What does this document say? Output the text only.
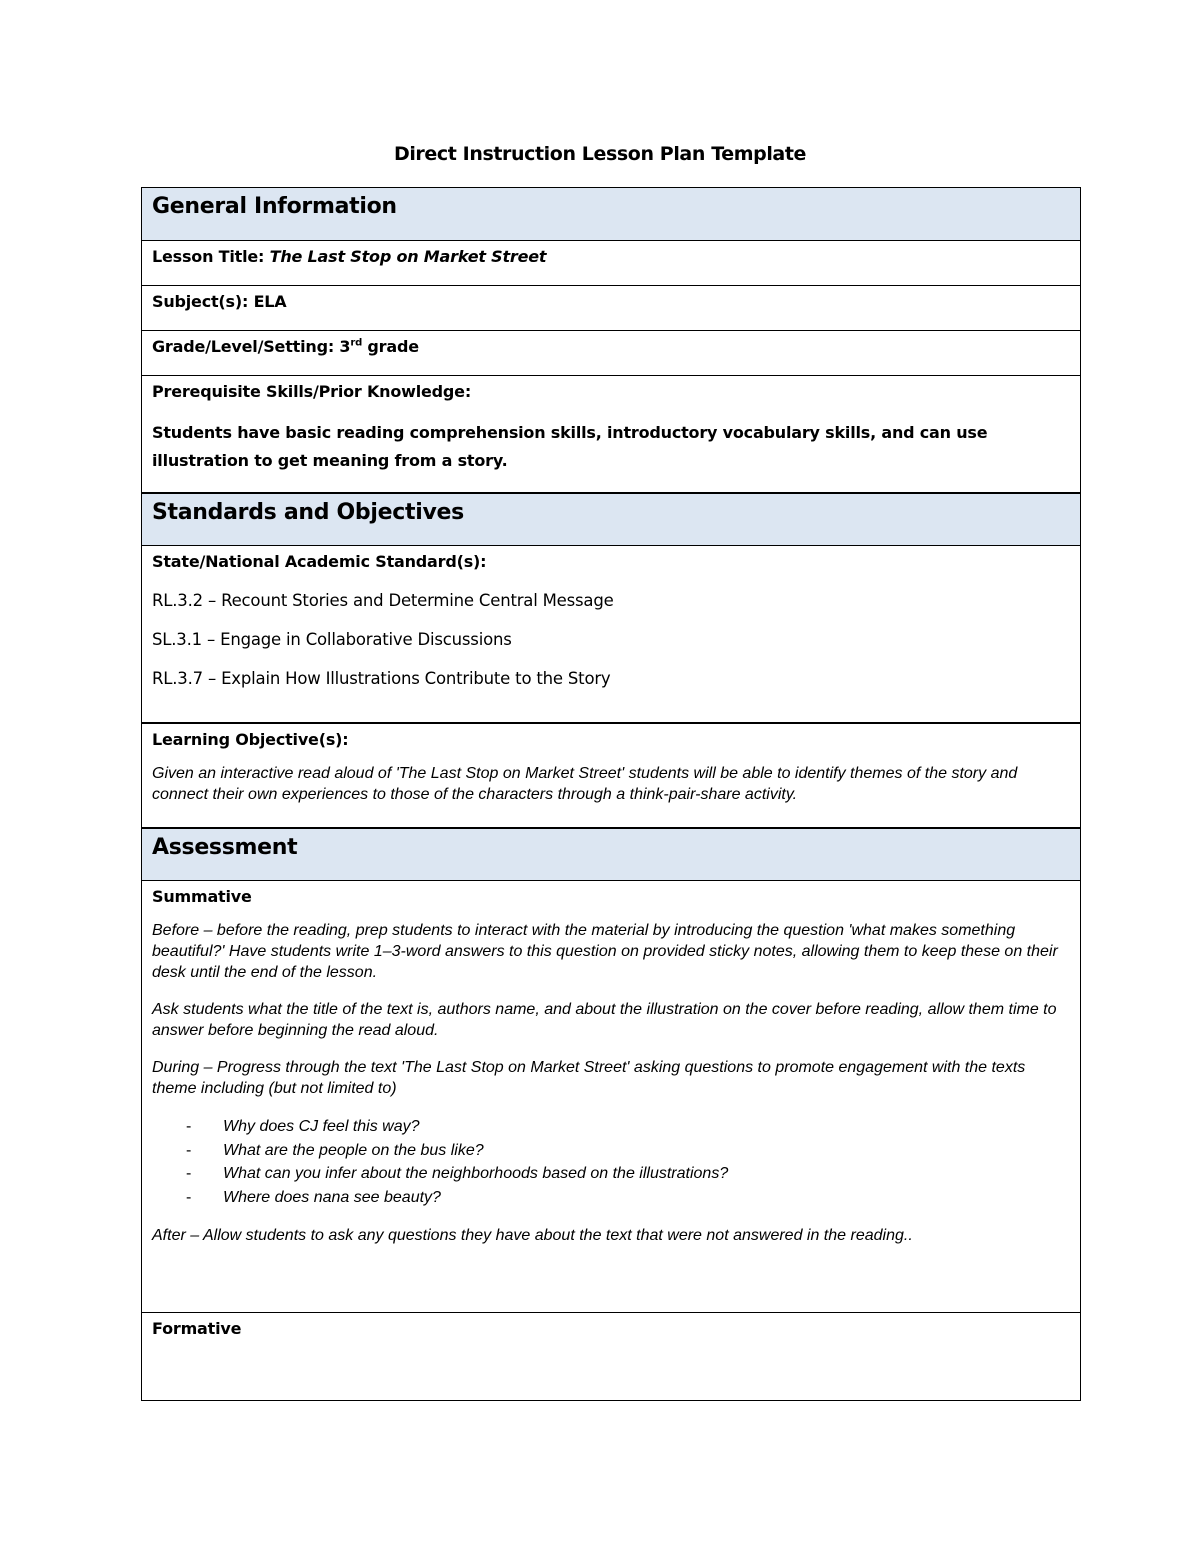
Direct Instruction Lesson Plan Template
General Information
Lesson Title: The Last Stop on Market Street
Subject(s): ELA
Grade/Level/Setting: 3rd grade

Prerequisite Skills/Prior Knowledge:
Students have basic reading comprehension skills, introductory vocabulary skills, and can use illustration to get meaning from a story.

Standards and Objectives

State/National Academic Standard(s):
RL.3.2 – Recount Stories and Determine Central Message
SL.3.1 – Engage in Collaborative Discussions
RL.3.7 – Explain How Illustrations Contribute to the Story

Learning Objective(s):
Given an interactive read aloud of 'The Last Stop on Market Street' students will be able to identify themes of the story and connect their own experiences to those of the characters through a think-pair-share activity.

Assessment

Summative
Before – before the reading, prep students to interact with the material by introducing the question 'what makes something beautiful?' Have students write 1–3-word answers to this question on provided sticky notes, allowing them to keep these on their desk until the end of the lesson.
Ask students what the title of the text is, authors name, and about the illustration on the cover before reading, allow them time to answer before beginning the read aloud.
During – Progress through the text 'The Last Stop on Market Street' asking questions to promote engagement with the texts theme including (but not limited to)
- Why does CJ feel this way?
- What are the people on the bus like?
- What can you infer about the neighborhoods based on the illustrations?
- Where does nana see beauty?
After – Allow students to ask any questions they have about the text that were not answered in the reading..

Formative
